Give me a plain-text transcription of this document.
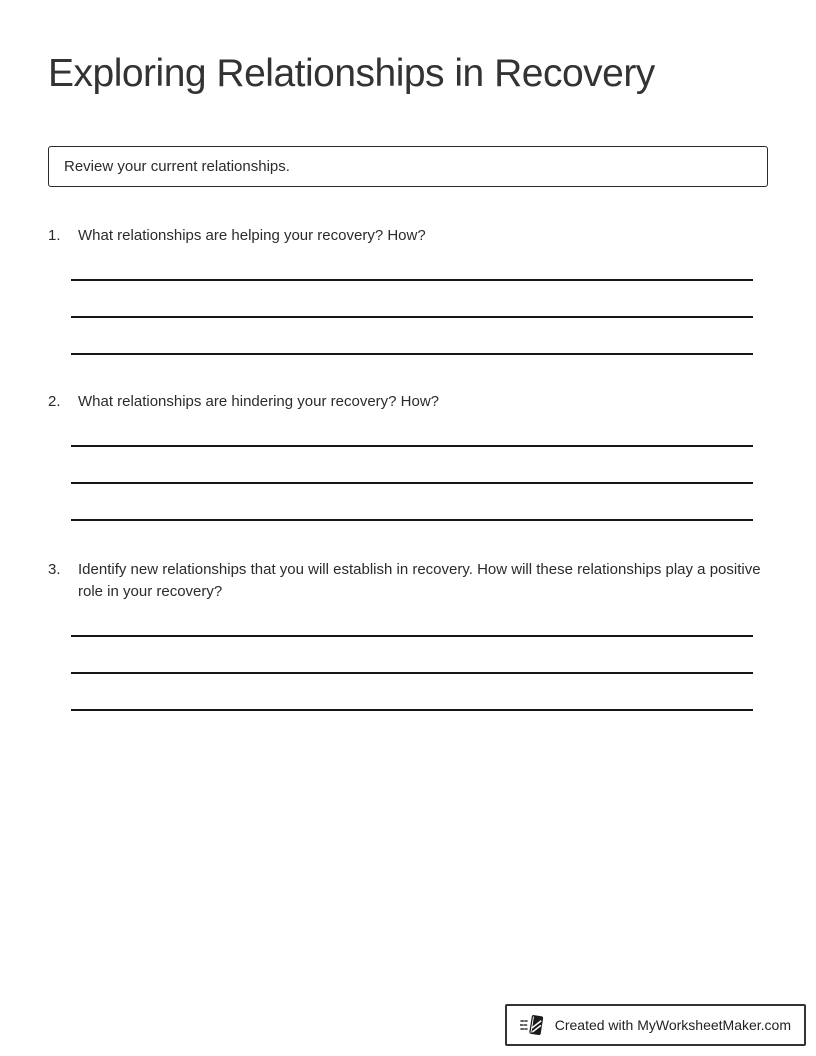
Exploring Relationships in Recovery
Review your current relationships.
1.	What relationships are helping your recovery? How?
2.	What relationships are hindering your recovery? How?
3.	Identify new relationships that you will establish in recovery. How will these relationships play a positive role in your recovery?
Created with MyWorksheetMaker.com
